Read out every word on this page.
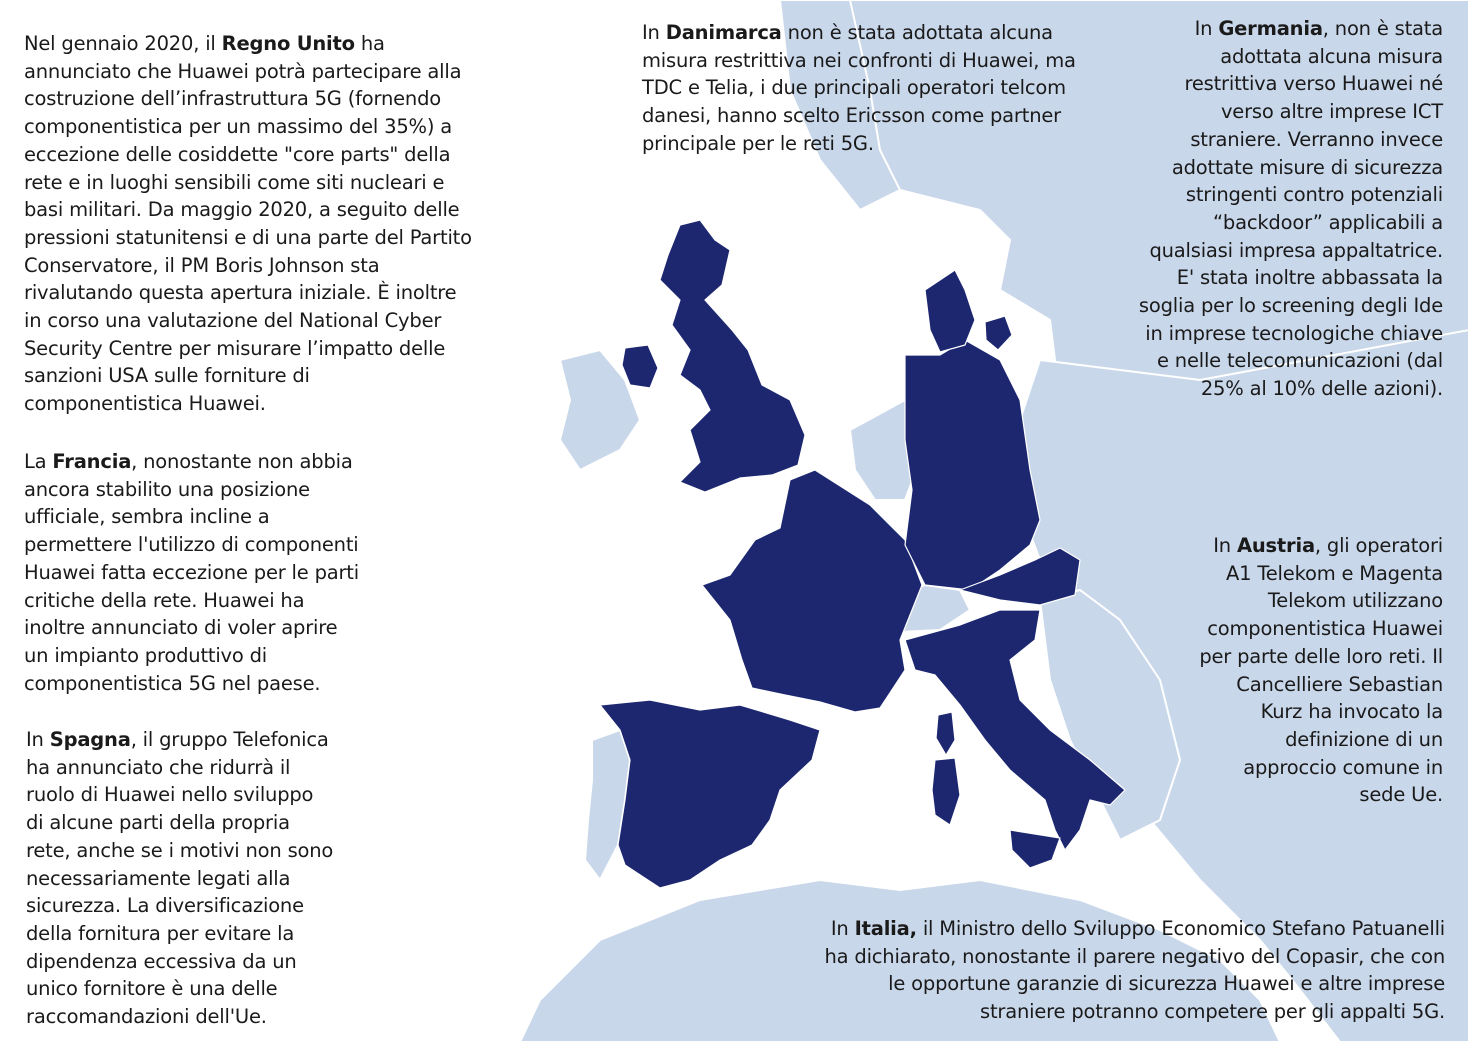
Nel gennaio 2020, il Regno Unito ha
annunciato che Huawei potrà partecipare alla
costruzione dell’infrastruttura 5G (fornendo
componentistica per un massimo del 35%) a
eccezione delle cosiddette "core parts" della
rete e in luoghi sensibili come siti nucleari e
basi militari. Da maggio 2020, a seguito delle
pressioni statunitensi e di una parte del Partito
Conservatore, il PM Boris Johnson sta
rivalutando questa apertura iniziale. È inoltre
in corso una valutazione del National Cyber
Security Centre per misurare l’impatto delle
sanzioni USA sulle forniture di
componentistica Huawei.
La Francia, nonostante non abbia
ancora stabilito una posizione
ufficiale, sembra incline a
permettere l'utilizzo di componenti
Huawei fatta eccezione per le parti
critiche della rete. Huawei ha
inoltre annunciato di voler aprire
un impianto produttivo di
componentistica 5G nel paese.
In Spagna, il gruppo Telefonica
ha annunciato che ridurrà il
ruolo di Huawei nello sviluppo
di alcune parti della propria
rete, anche se i motivi non sono
necessariamente legati alla
sicurezza. La diversificazione
della fornitura per evitare la
dipendenza eccessiva da un
unico fornitore è una delle
raccomandazioni dell'Ue.
In Danimarca non è stata adottata alcuna
misura restrittiva nei confronti di Huawei, ma
TDC e Telia, i due principali operatori telcom
danesi, hanno scelto Ericsson come partner
principale per le reti 5G.
In Germania, non è stata
adottata alcuna misura
restrittiva verso Huawei né
verso altre imprese ICT
straniere. Verranno invece
adottate misure di sicurezza
stringenti contro potenziali
“backdoor” applicabili a
qualsiasi impresa appaltatrice.
E' stata inoltre abbassata la
soglia per lo screening degli Ide
in imprese tecnologiche chiave
e nelle telecomunicazioni (dal
25% al 10% delle azioni).
In Austria, gli operatori
A1 Telekom e Magenta
Telekom utilizzano
componentistica Huawei
per parte delle loro reti. Il
Cancelliere Sebastian
Kurz ha invocato la
definizione di un
approccio comune in
sede Ue.
In Italia, il Ministro dello Sviluppo Economico Stefano Patuanelli
ha dichiarato, nonostante il parere negativo del Copasir, che con
le opportune garanzie di sicurezza Huawei e altre imprese
straniere potranno competere per gli appalti 5G.
